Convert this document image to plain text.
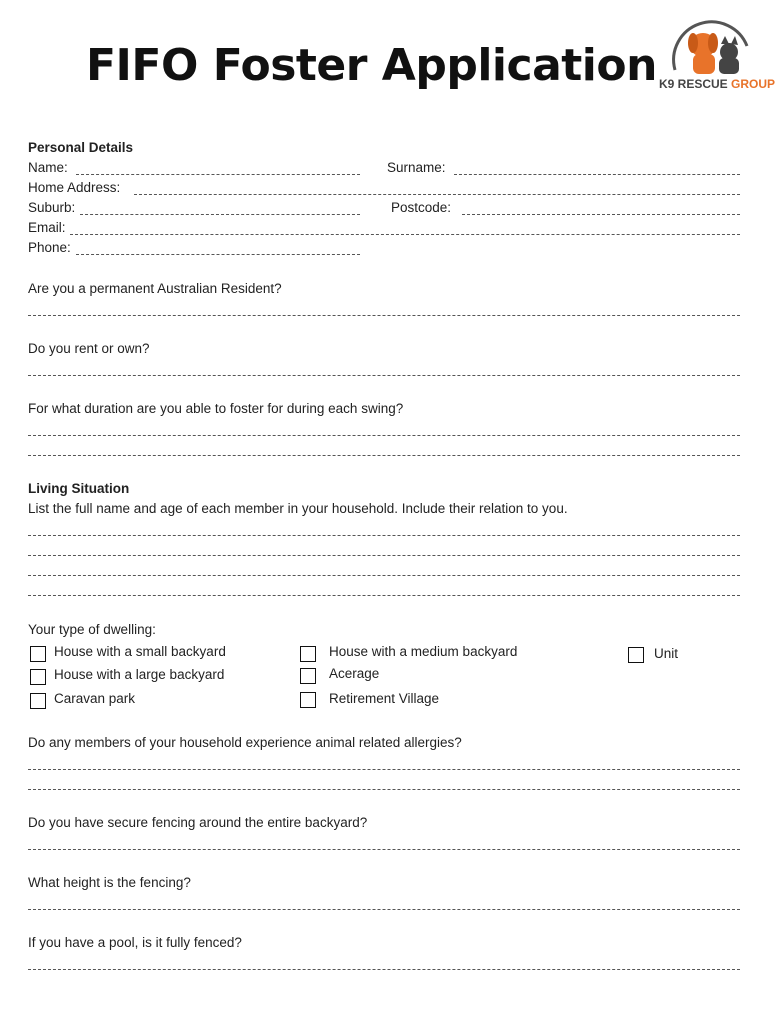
FIFO Foster Application K9 RESCUE GROUP
Personal Details
Name:	Surname:
Home Address:
Suburb:	Postcode:
Email:
Phone:
Are you a permanent Australian Resident?
Do you rent or own?
For what duration are you able to foster for during each swing?
Living Situation
List the full name and age of each member in your household. Include their relation to you.
Your type of dwelling:
House with a small backyard
House with a large backyard
Caravan park
House with a medium backyard
Acerage
Retirement Village
Unit
Do any members of your household experience animal related allergies?
Do you have secure fencing around the entire backyard?
What height is the fencing?
If you have a pool, is it fully fenced?
